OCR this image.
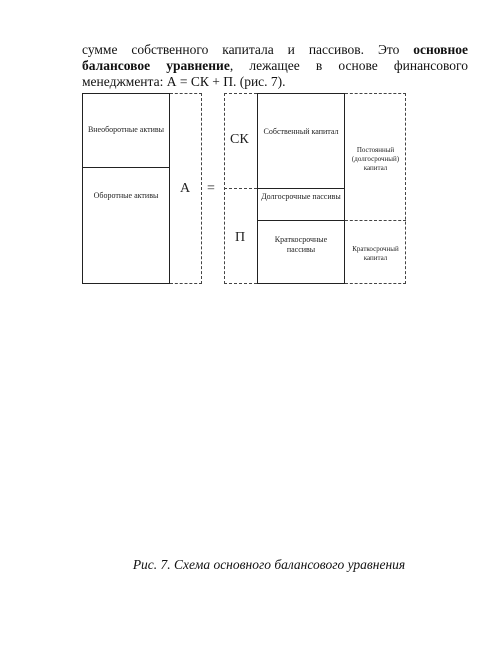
сумме собственного капитала и пассивов. Это основное балансовое уравнение, лежащее в основе финансового менеджмента: А = СК + П. (рис. 7).
Внеоборотные активы
Оборотные активы	А =
СК
П
Собственный капитал
Долгосрочные пассивы
Краткосрочные пассивы
Постоянный (долгосрочный) капитал
Краткосрочный капитал
Рис. 7. Схема основного балансового уравнения
